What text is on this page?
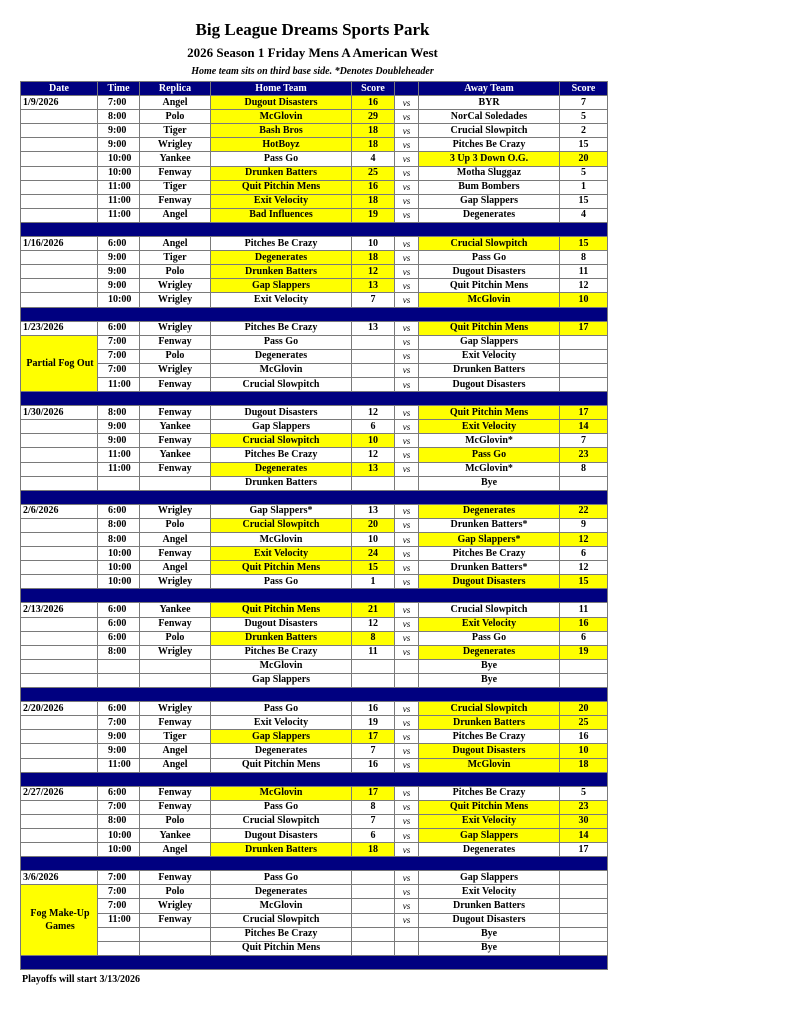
Big League Dreams Sports Park
2026 Season 1 Friday Mens A American West
Home team sits on third base side. *Denotes Doubleheader
Date	Time	Replica	Home Team	Score		Away Team	Score
1/9/2026	7:00	Angel	Dugout Disasters	16	vs	BYR	7
	8:00	Polo	McGlovin	29	vs	NorCal Soledades	5
	9:00	Tiger	Bash Bros	18	vs	Crucial Slowpitch	2
	9:00	Wrigley	HotBoyz	18	vs	Pitches Be Crazy	15
	10:00	Yankee	Pass Go	4	vs	3 Up 3 Down O.G.	20
	10:00	Fenway	Drunken Batters	25	vs	Motha Sluggaz	5
	11:00	Tiger	Quit Pitchin Mens	16	vs	Bum Bombers	1
	11:00	Fenway	Exit Velocity	18	vs	Gap Slappers	15
	11:00	Angel	Bad Influences	19	vs	Degenerates	4

1/16/2026	6:00	Angel	Pitches Be Crazy	10	vs	Crucial Slowpitch	15
	9:00	Tiger	Degenerates	18	vs	Pass Go	8
	9:00	Polo	Drunken Batters	12	vs	Dugout Disasters	11
	9:00	Wrigley	Gap Slappers	13	vs	Quit Pitchin Mens	12
	10:00	Wrigley	Exit Velocity	7	vs	McGlovin	10

1/23/2026	6:00	Wrigley	Pitches Be Crazy	13	vs	Quit Pitchin Mens	17
Partial Fog Out	7:00	Fenway	Pass Go		vs	Gap Slappers	
	7:00	Polo	Degenerates		vs	Exit Velocity	
	7:00	Wrigley	McGlovin		vs	Drunken Batters	
	11:00	Fenway	Crucial Slowpitch		vs	Dugout Disasters	

1/30/2026	8:00	Fenway	Dugout Disasters	12	vs	Quit Pitchin Mens	17
	9:00	Yankee	Gap Slappers	6	vs	Exit Velocity	14
	9:00	Fenway	Crucial Slowpitch	10	vs	McGlovin*	7
	11:00	Yankee	Pitches Be Crazy	12	vs	Pass Go	23
	11:00	Fenway	Degenerates	13	vs	McGlovin*	8
			Drunken Batters			Bye	

2/6/2026	6:00	Wrigley	Gap Slappers*	13	vs	Degenerates	22
	8:00	Polo	Crucial Slowpitch	20	vs	Drunken Batters*	9
	8:00	Angel	McGlovin	10	vs	Gap Slappers*	12
	10:00	Fenway	Exit Velocity	24	vs	Pitches Be Crazy	6
	10:00	Angel	Quit Pitchin Mens	15	vs	Drunken Batters*	12
	10:00	Wrigley	Pass Go	1	vs	Dugout Disasters	15

2/13/2026	6:00	Yankee	Quit Pitchin Mens	21	vs	Crucial Slowpitch	11
	6:00	Fenway	Dugout Disasters	12	vs	Exit Velocity	16
	6:00	Polo	Drunken Batters	8	vs	Pass Go	6
	8:00	Wrigley	Pitches Be Crazy	11	vs	Degenerates	19
			McGlovin			Bye	
			Gap Slappers			Bye	

2/20/2026	6:00	Wrigley	Pass Go	16	vs	Crucial Slowpitch	20
	7:00	Fenway	Exit Velocity	19	vs	Drunken Batters	25
	9:00	Tiger	Gap Slappers	17	vs	Pitches Be Crazy	16
	9:00	Angel	Degenerates	7	vs	Dugout Disasters	10
	11:00	Angel	Quit Pitchin Mens	16	vs	McGlovin	18

2/27/2026	6:00	Fenway	McGlovin	17	vs	Pitches Be Crazy	5
	7:00	Fenway	Pass Go	8	vs	Quit Pitchin Mens	23
	8:00	Polo	Crucial Slowpitch	7	vs	Exit Velocity	30
	10:00	Yankee	Dugout Disasters	6	vs	Gap Slappers	14
	10:00	Angel	Drunken Batters	18	vs	Degenerates	17

3/6/2026	7:00	Fenway	Pass Go		vs	Gap Slappers	
Fog Make-Up Games	7:00	Polo	Degenerates		vs	Exit Velocity	
	7:00	Wrigley	McGlovin		vs	Drunken Batters	
	11:00	Fenway	Crucial Slowpitch		vs	Dugout Disasters	
			Pitches Be Crazy			Bye	
			Quit Pitchin Mens			Bye	

Playoffs will start 3/13/2026
